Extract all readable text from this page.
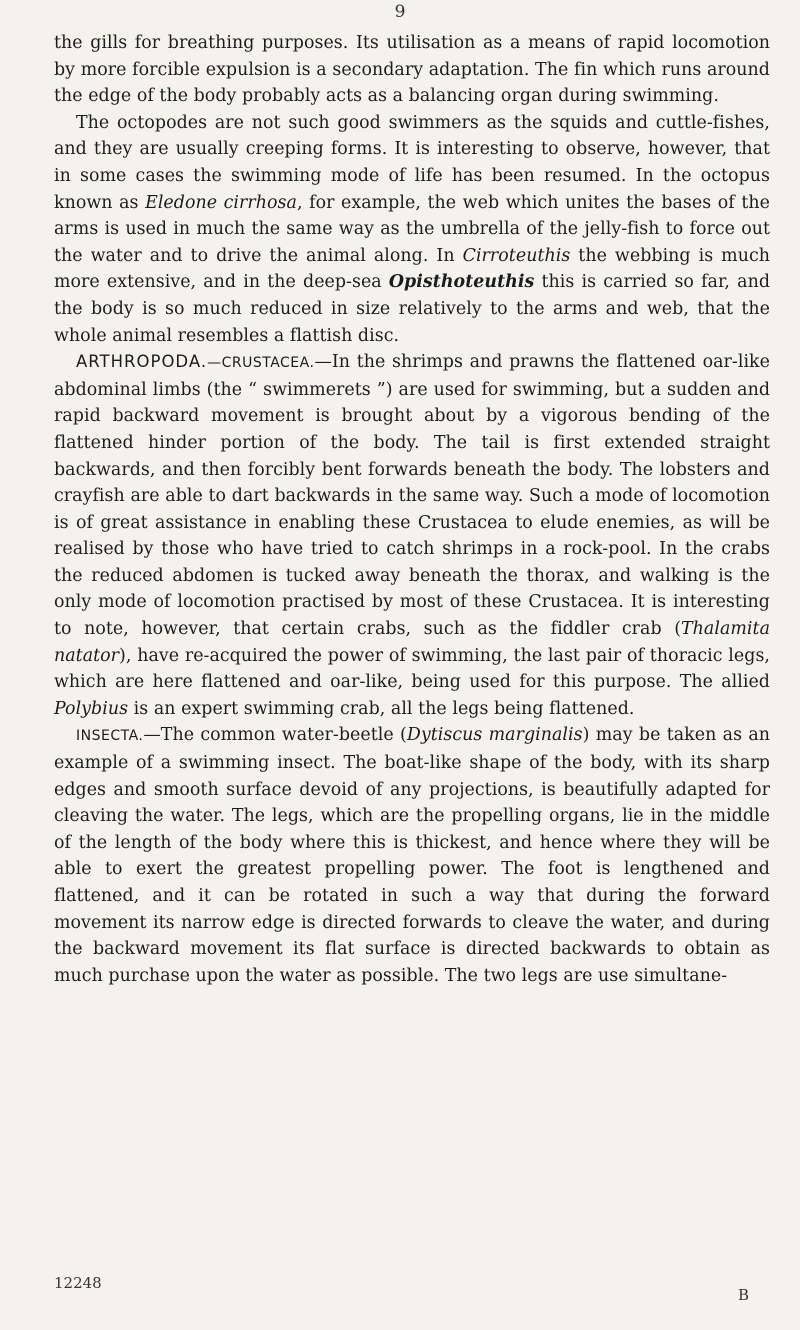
9

the gills for breathing purposes. Its utilisation as a means of rapid locomotion by more forcible expulsion is a secondary adaptation. The fin which runs around the edge of the body probably acts as a balancing organ during swimming.

The octopodes are not such good swimmers as the squids and cuttle-fishes, and they are usually creeping forms. It is interesting to observe, however, that in some cases the swimming mode of life has been resumed. In the octopus known as Eledone cirrhosa, for example, the web which unites the bases of the arms is used in much the same way as the umbrella of the jelly-fish to force out the water and to drive the animal along. In Cirroteuthis the webbing is much more extensive, and in the deep-sea Opisthoteuthis this is carried so far, and the body is so much reduced in size relatively to the arms and web, that the whole animal resembles a flattish disc.

ARTHROPODA.—CRUSTACEA.—In the shrimps and prawns the flattened oar-like abdominal limbs (the “ swimmerets ”) are used for swimming, but a sudden and rapid backward movement is brought about by a vigorous bending of the flattened hinder portion of the body. The tail is first extended straight backwards, and then forcibly bent forwards beneath the body. The lobsters and crayfish are able to dart backwards in the same way. Such a mode of locomotion is of great assistance in enabling these Crustacea to elude enemies, as will be realised by those who have tried to catch shrimps in a rock-pool. In the crabs the reduced abdomen is tucked away beneath the thorax, and walking is the only mode of locomotion practised by most of these Crustacea. It is interesting to note, however, that certain crabs, such as the fiddler crab (Thalamita natator), have re-acquired the power of swimming, the last pair of thoracic legs, which are here flattened and oar-like, being used for this purpose. The allied Polybius is an expert swimming crab, all the legs being flattened.

INSECTA.—The common water-beetle (Dytiscus marginalis) may be taken as an example of a swimming insect. The boat-like shape of the body, with its sharp edges and smooth surface devoid of any projections, is beautifully adapted for cleaving the water. The legs, which are the propelling organs, lie in the middle of the length of the body where this is thickest, and hence where they will be able to exert the greatest propelling power. The foot is lengthened and flattened, and it can be rotated in such a way that during the forward movement its narrow edge is directed forwards to cleave the water, and during the backward movement its flat surface is directed backwards to obtain as much purchase upon the water as possible. The two legs are use simultane-

12248
B
